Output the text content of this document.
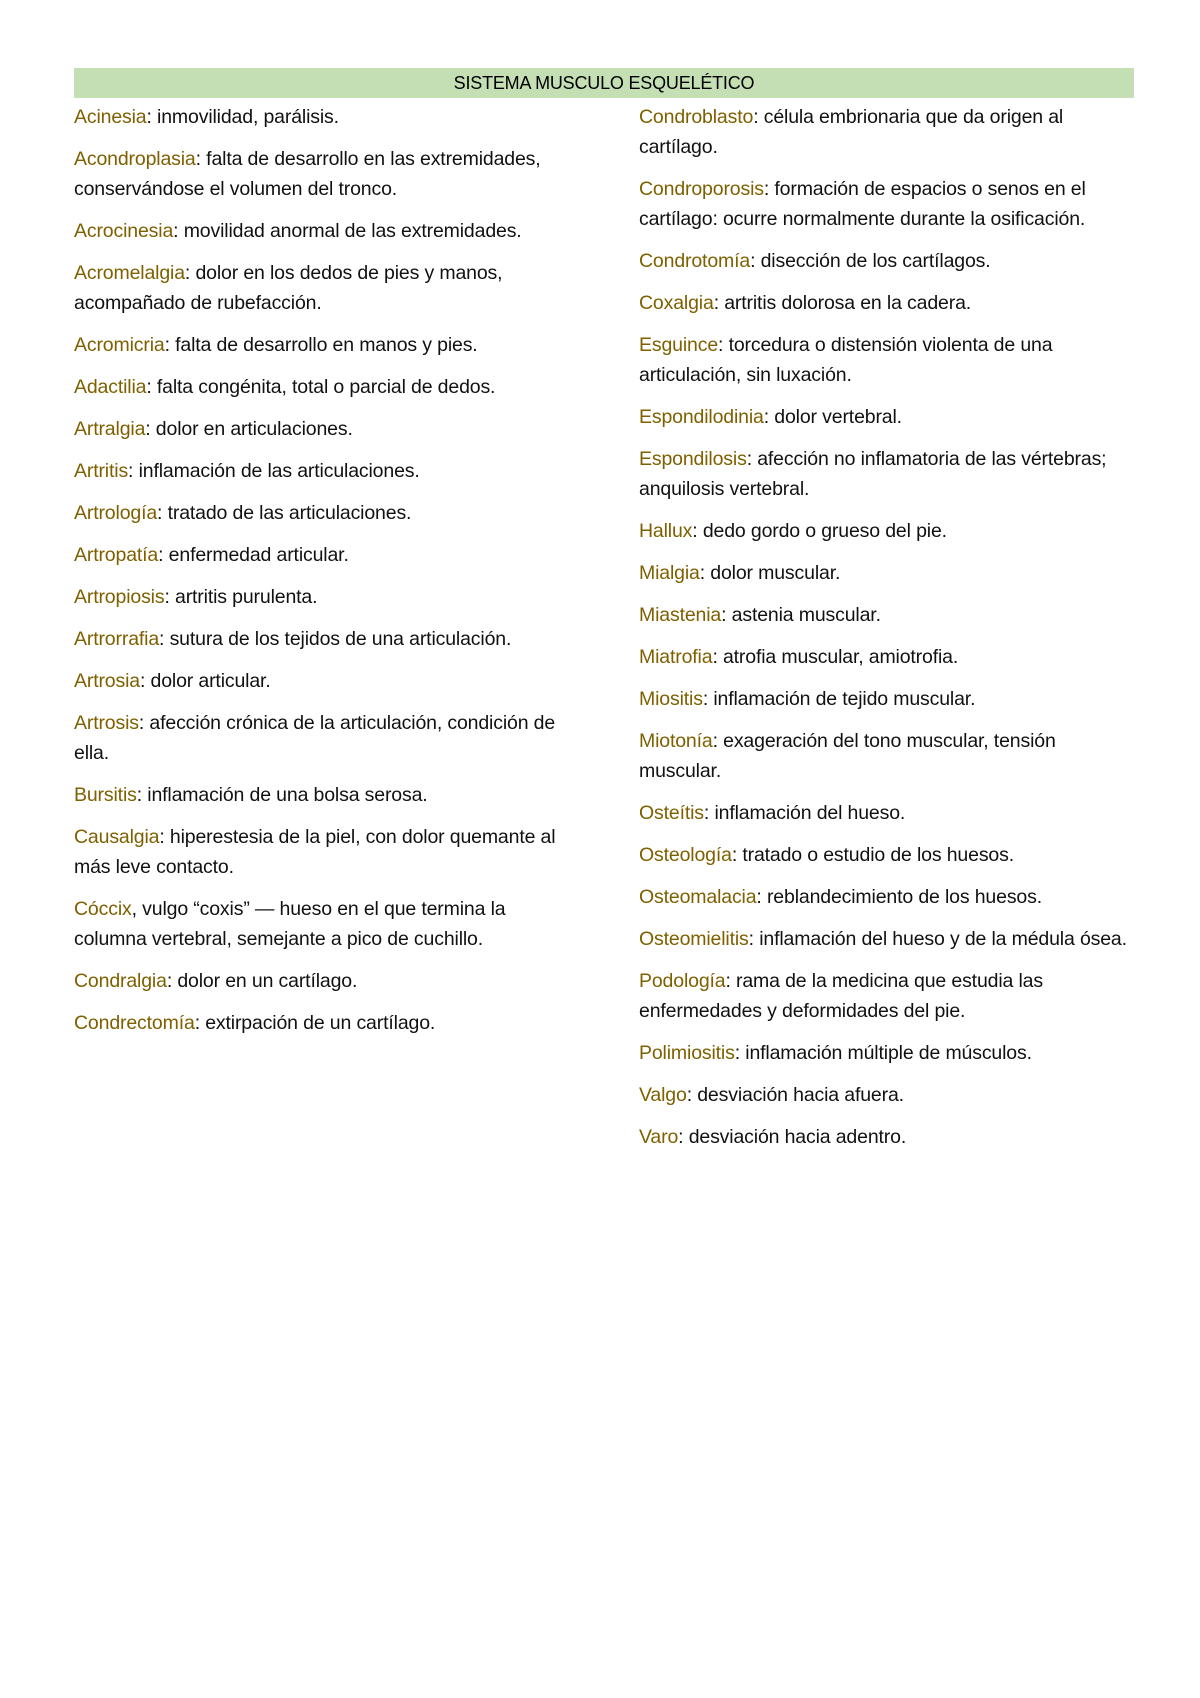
SISTEMA MUSCULO ESQUELÉTICO

Acinesia: inmovilidad, parálisis.

Acondroplasia: falta de desarrollo en las extremidades, conservándose el volumen del tronco.

Acrocinesia: movilidad anormal de las extremidades.

Acromelalgia: dolor en los dedos de pies y manos, acompañado de rubefacción.

Acromicria: falta de desarrollo en manos y pies.

Adactilia: falta congénita, total o parcial de dedos.

Artralgia: dolor en articulaciones.

Artritis: inflamación de las articulaciones.

Artrología: tratado de las articulaciones.

Artropatía: enfermedad articular.

Artropiosis: artritis purulenta.

Artrorrafia: sutura de los tejidos de una articulación.

Artrosia: dolor articular.

Artrosis: afección crónica de la articulación, condición de ella.

Bursitis: inflamación de una bolsa serosa.

Causalgia: hiperestesia de la piel, con dolor quemante al más leve contacto.

Cóccix, vulgo “coxis” — hueso en el que termina la columna vertebral, semejante a pico de cuchillo.

Condralgia: dolor en un cartílago.

Condrectomía: extirpación de un cartílago.

Condroblasto: célula embrionaria que da origen al cartílago.

Condroporosis: formación de espacios o senos en el cartílago: ocurre normalmente durante la osificación.

Condrotomía: disección de los cartílagos.

Coxalgia: artritis dolorosa en la cadera.

Esguince: torcedura o distensión violenta de una articulación, sin luxación.

Espondilodinia: dolor vertebral.

Espondilosis: afección no inflamatoria de las vértebras; anquilosis vertebral.

Hallux: dedo gordo o grueso del pie.

Mialgia: dolor muscular.

Miastenia: astenia muscular.

Miatrofia: atrofia muscular, amiotrofia.

Miositis: inflamación de tejido muscular.

Miotonía: exageración del tono muscular, tensión muscular.

Osteítis: inflamación del hueso.

Osteología: tratado o estudio de los huesos.

Osteomalacia: reblandecimiento de los huesos.

Osteomielitis: inflamación del hueso y de la médula ósea.

Podología: rama de la medicina que estudia las enfermedades y deformidades del pie.

Polimiositis: inflamación múltiple de músculos.

Valgo: desviación hacia afuera.

Varo: desviación hacia adentro.
